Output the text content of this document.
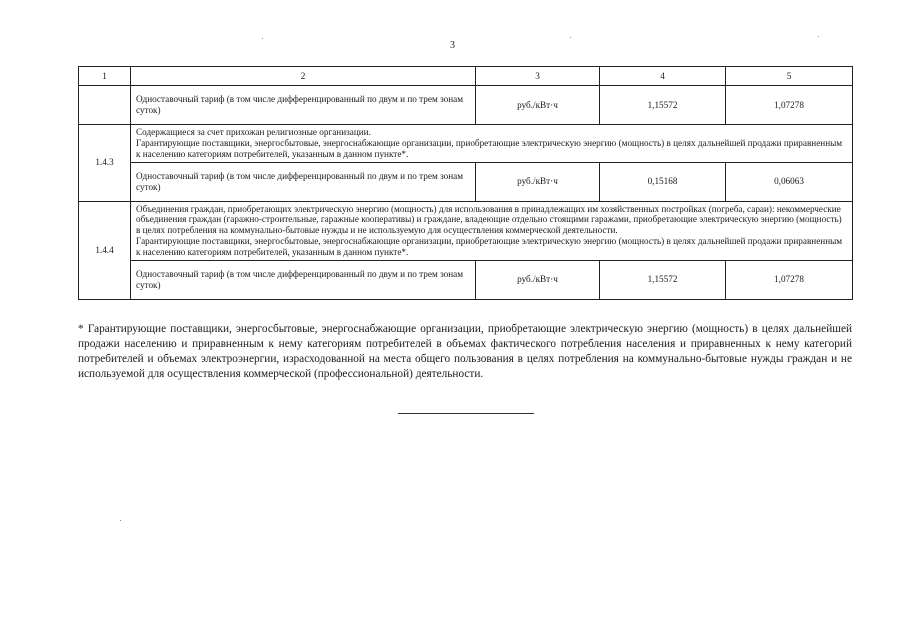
3
1	2	3	4	5
	Одноставочный тариф (в том числе дифференцированный по двум и по трем зонам суток)	руб./кВт·ч	1,15572	1,07278
1.4.3	Содержащиеся за счет прихожан религиозные организации.
Гарантирующие поставщики, энергосбытовые, энергоснабжающие организации, приобретающие электрическую энергию (мощность) в целях дальнейшей продажи приравненным к населению категориям потребителей, указанным в данном пункте*.			
	Одноставочный тариф (в том числе дифференцированный по двум и по трем зонам суток)	руб./кВт·ч	0,15168	0,06063
1.4.4	Объединения граждан, приобретающих электрическую энергию (мощность) для использования в принадлежащих им хозяйственных постройках (погреба, сараи): некоммерческие объединения граждан (гаражно-строительные, гаражные кооперативы) и граждане, владеющие отдельно стоящими гаражами, приобретающие электрическую энергию (мощность) в целях потребления на коммунально-бытовые нужды и не используемую для осуществления коммерческой деятельности.
Гарантирующие поставщики, энергосбытовые, энергоснабжающие организации, приобретающие электрическую энергию (мощность) в целях дальнейшей продажи приравненным к населению категориям потребителей, указанным в данном пункте*.			
	Одноставочный тариф (в том числе дифференцированный по двум и по трем зонам суток)	руб./кВт·ч	1,15572	1,07278
* Гарантирующие поставщики, энергосбытовые, энергоснабжающие организации, приобретающие электрическую энергию (мощность) в целях дальнейшей продажи населению и приравненным к нему категориям потребителей в объемах фактического потребления населения и приравненных к нему категорий потребителей и объемах электроэнергии, израсходованной на места общего пользования в целях потребления на коммунально-бытовые нужды граждан и не используемой для осуществления коммерческой (профессиональной) деятельности.
